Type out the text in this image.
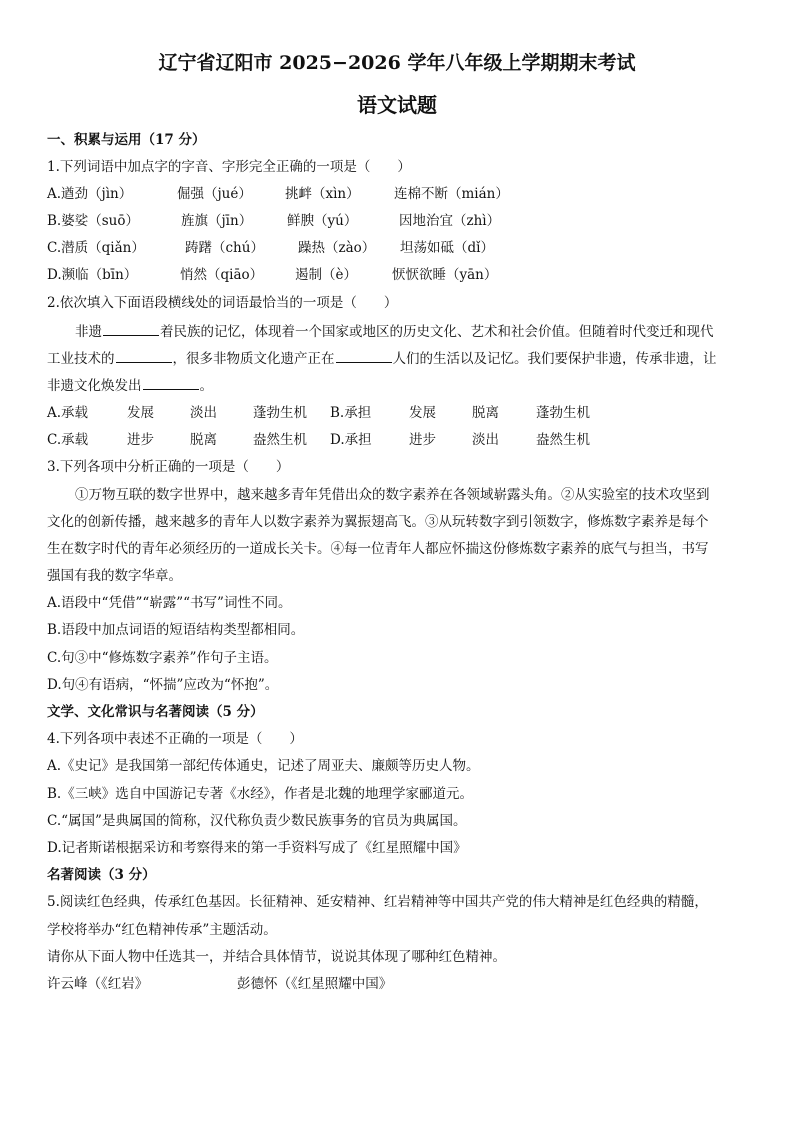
辽宁省辽阳市 2025−2026 学年八年级上学期期末考试
语文试题
一、积累与运用（17 分）
1.下列词语中加点字的字音、字形完全正确的一项是（　　）
A.遒劲（jìn）	倔强（jué） 挑衅（xìn）	连棉不断（mián）
B.婆娑（suō）	旌旗（jīn）	鲜腴（yú）	因地治宜（zhì）
C.潜质（qiǎn）	踌躇（chú）	躁热（zào） 坦荡如砥（dǐ）
D.濒临（bīn）	悄然（qiāo） 遏制（è）	恹恹欲睡（yān）
2.依次填入下面语段横线处的词语最恰当的一项是（　　）
非遗	着民族的记忆，体现着一个国家或地区的历史文化、艺术和社会价值。但随着时代变迁和现代
工业技术的	，很多非物质文化遗产正在	人们的生活以及记忆。我们要保护非遗，传承非遗，让
非遗文化焕发出	。
A.承载	发展	淡出	蓬勃生机 B.承担	发展	脱离	蓬勃生机
C.承载	进步	脱离	盎然生机 D.承担	进步	淡出	盎然生机
3.下列各项中分析正确的一项是（　　）
①万物互联的数字世界中，越来越多青年凭借出众的数字素养在各领域崭露头角。②从实验室的技术攻坚到
文化的创新传播，越来越多的青年人以数字素养为翼振翅高飞。③从玩转数字到引领数字，修炼数字素养是每个
生在数字时代的青年必须经历的一道成长关卡。④每一位青年人都应怀揣这份修炼数字素养的底气与担当，书写
强国有我的数字华章。
A.语段中“凭借”“崭露”“书写”词性不同。
B.语段中加点词语的短语结构类型都相同。
C.句③中“修炼数字素养”作句子主语。
D.句④有语病，“怀揣”应改为“怀抱”。
文学、文化常识与名著阅读（5 分）
4.下列各项中表述不正确的一项是（　　）
A.《史记》是我国第一部纪传体通史，记述了周亚夫、廉颇等历史人物。
B.《三峡》选自中国游记专著《水经》，作者是北魏的地理学家郦道元。
C.“属国”是典属国的简称，汉代称负责少数民族事务的官员为典属国。
D.记者斯诺根据采访和考察得来的第一手资料写成了《红星照耀中国》
名著阅读（3 分）
5.阅读红色经典，传承红色基因。长征精神、延安精神、红岩精神等中国共产党的伟大精神是红色经典的精髓，
学校将举办“红色精神传承”主题活动。
请你从下面人物中任选其一，并结合具体情节，说说其体现了哪种红色精神。
许云峰（《红岩》	彭德怀（《红星照耀中国》
